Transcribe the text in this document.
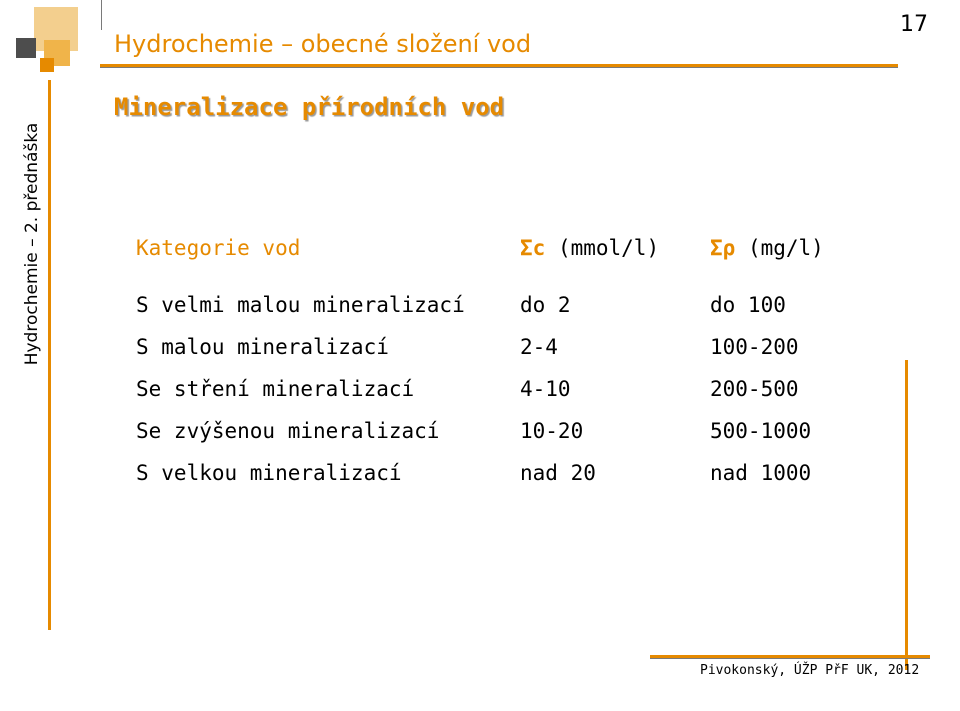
Hydrochemie – obecné složení vod
17
Mineralizace přírodních vod
Hydrochemie – 2. přednáška	Kategorie vod	Σc (mmol/l) Σρ (mg/l)
S velmi malou mineralizací	do 2	do 100
S malou mineralizací	2-4	100-200
Se stření mineralizací	4-10	200-500
Se zvýšenou mineralizací	10-20	500-1000
S velkou mineralizací	nad 20	nad 1000
Pivokonský, ÚŽP PřF UK, 2012
